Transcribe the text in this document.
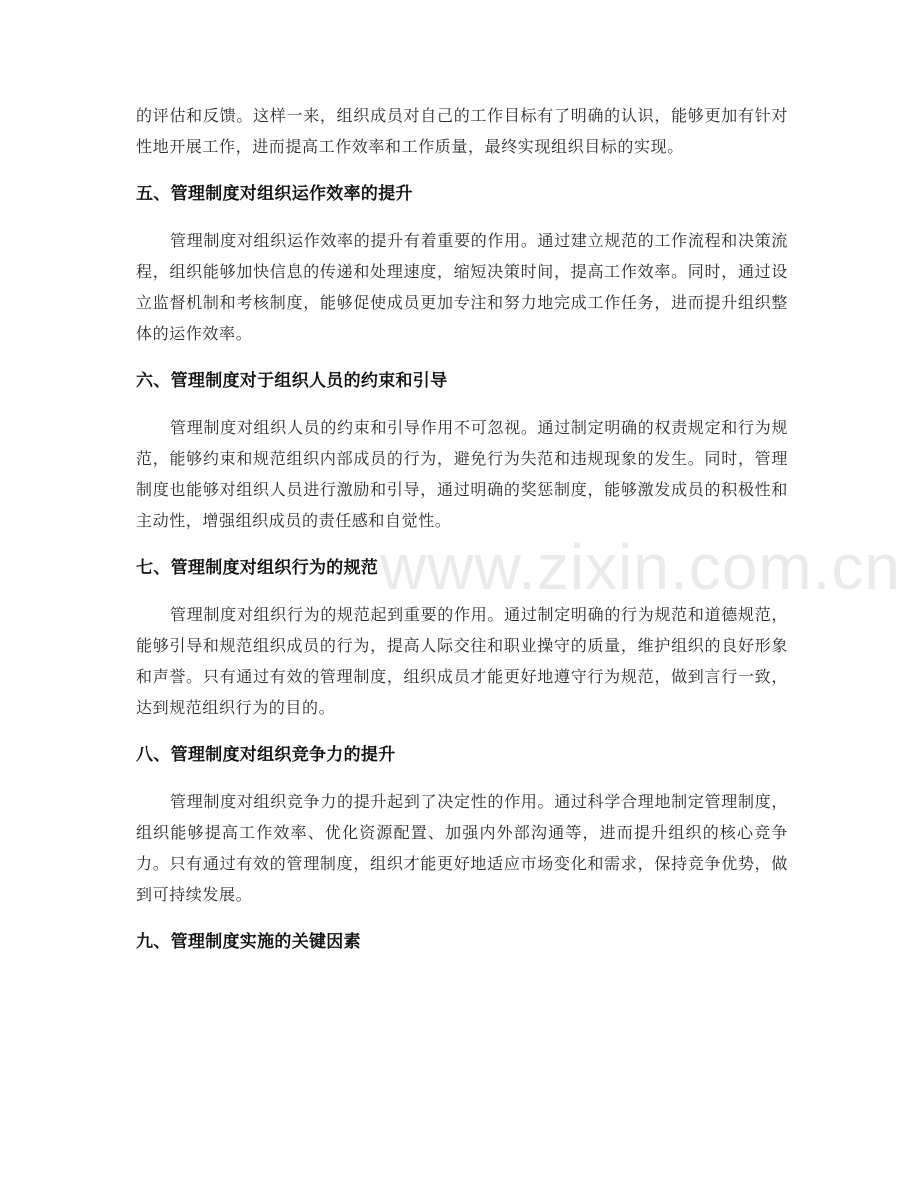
的评估和反馈。这样一来，组织成员对自己的工作目标有了明确的认识，能够更加有针对性地开展工作，进而提高工作效率和工作质量，最终实现组织目标的实现。

五、管理制度对组织运作效率的提升

管理制度对组织运作效率的提升有着重要的作用。通过建立规范的工作流程和决策流程，组织能够加快信息的传递和处理速度，缩短决策时间，提高工作效率。同时，通过设立监督机制和考核制度，能够促使成员更加专注和努力地完成工作任务，进而提升组织整体的运作效率。

六、管理制度对于组织人员的约束和引导

管理制度对组织人员的约束和引导作用不可忽视。通过制定明确的权责规定和行为规范，能够约束和规范组织内部成员的行为，避免行为失范和违规现象的发生。同时，管理制度也能够对组织人员进行激励和引导，通过明确的奖惩制度，能够激发成员的积极性和主动性，增强组织成员的责任感和自觉性。

七、管理制度对组织行为的规范

管理制度对组织行为的规范起到重要的作用。通过制定明确的行为规范和道德规范，能够引导和规范组织成员的行为，提高人际交往和职业操守的质量，维护组织的良好形象和声誉。只有通过有效的管理制度，组织成员才能更好地遵守行为规范，做到言行一致，达到规范组织行为的目的。

八、管理制度对组织竞争力的提升

管理制度对组织竞争力的提升起到了决定性的作用。通过科学合理地制定管理制度，组织能够提高工作效率、优化资源配置、加强内外部沟通等，进而提升组织的核心竞争力。只有通过有效的管理制度，组织才能更好地适应市场变化和需求，保持竞争优势，做到可持续发展。

九、管理制度实施的关键因素
www.zixin.com.cn
